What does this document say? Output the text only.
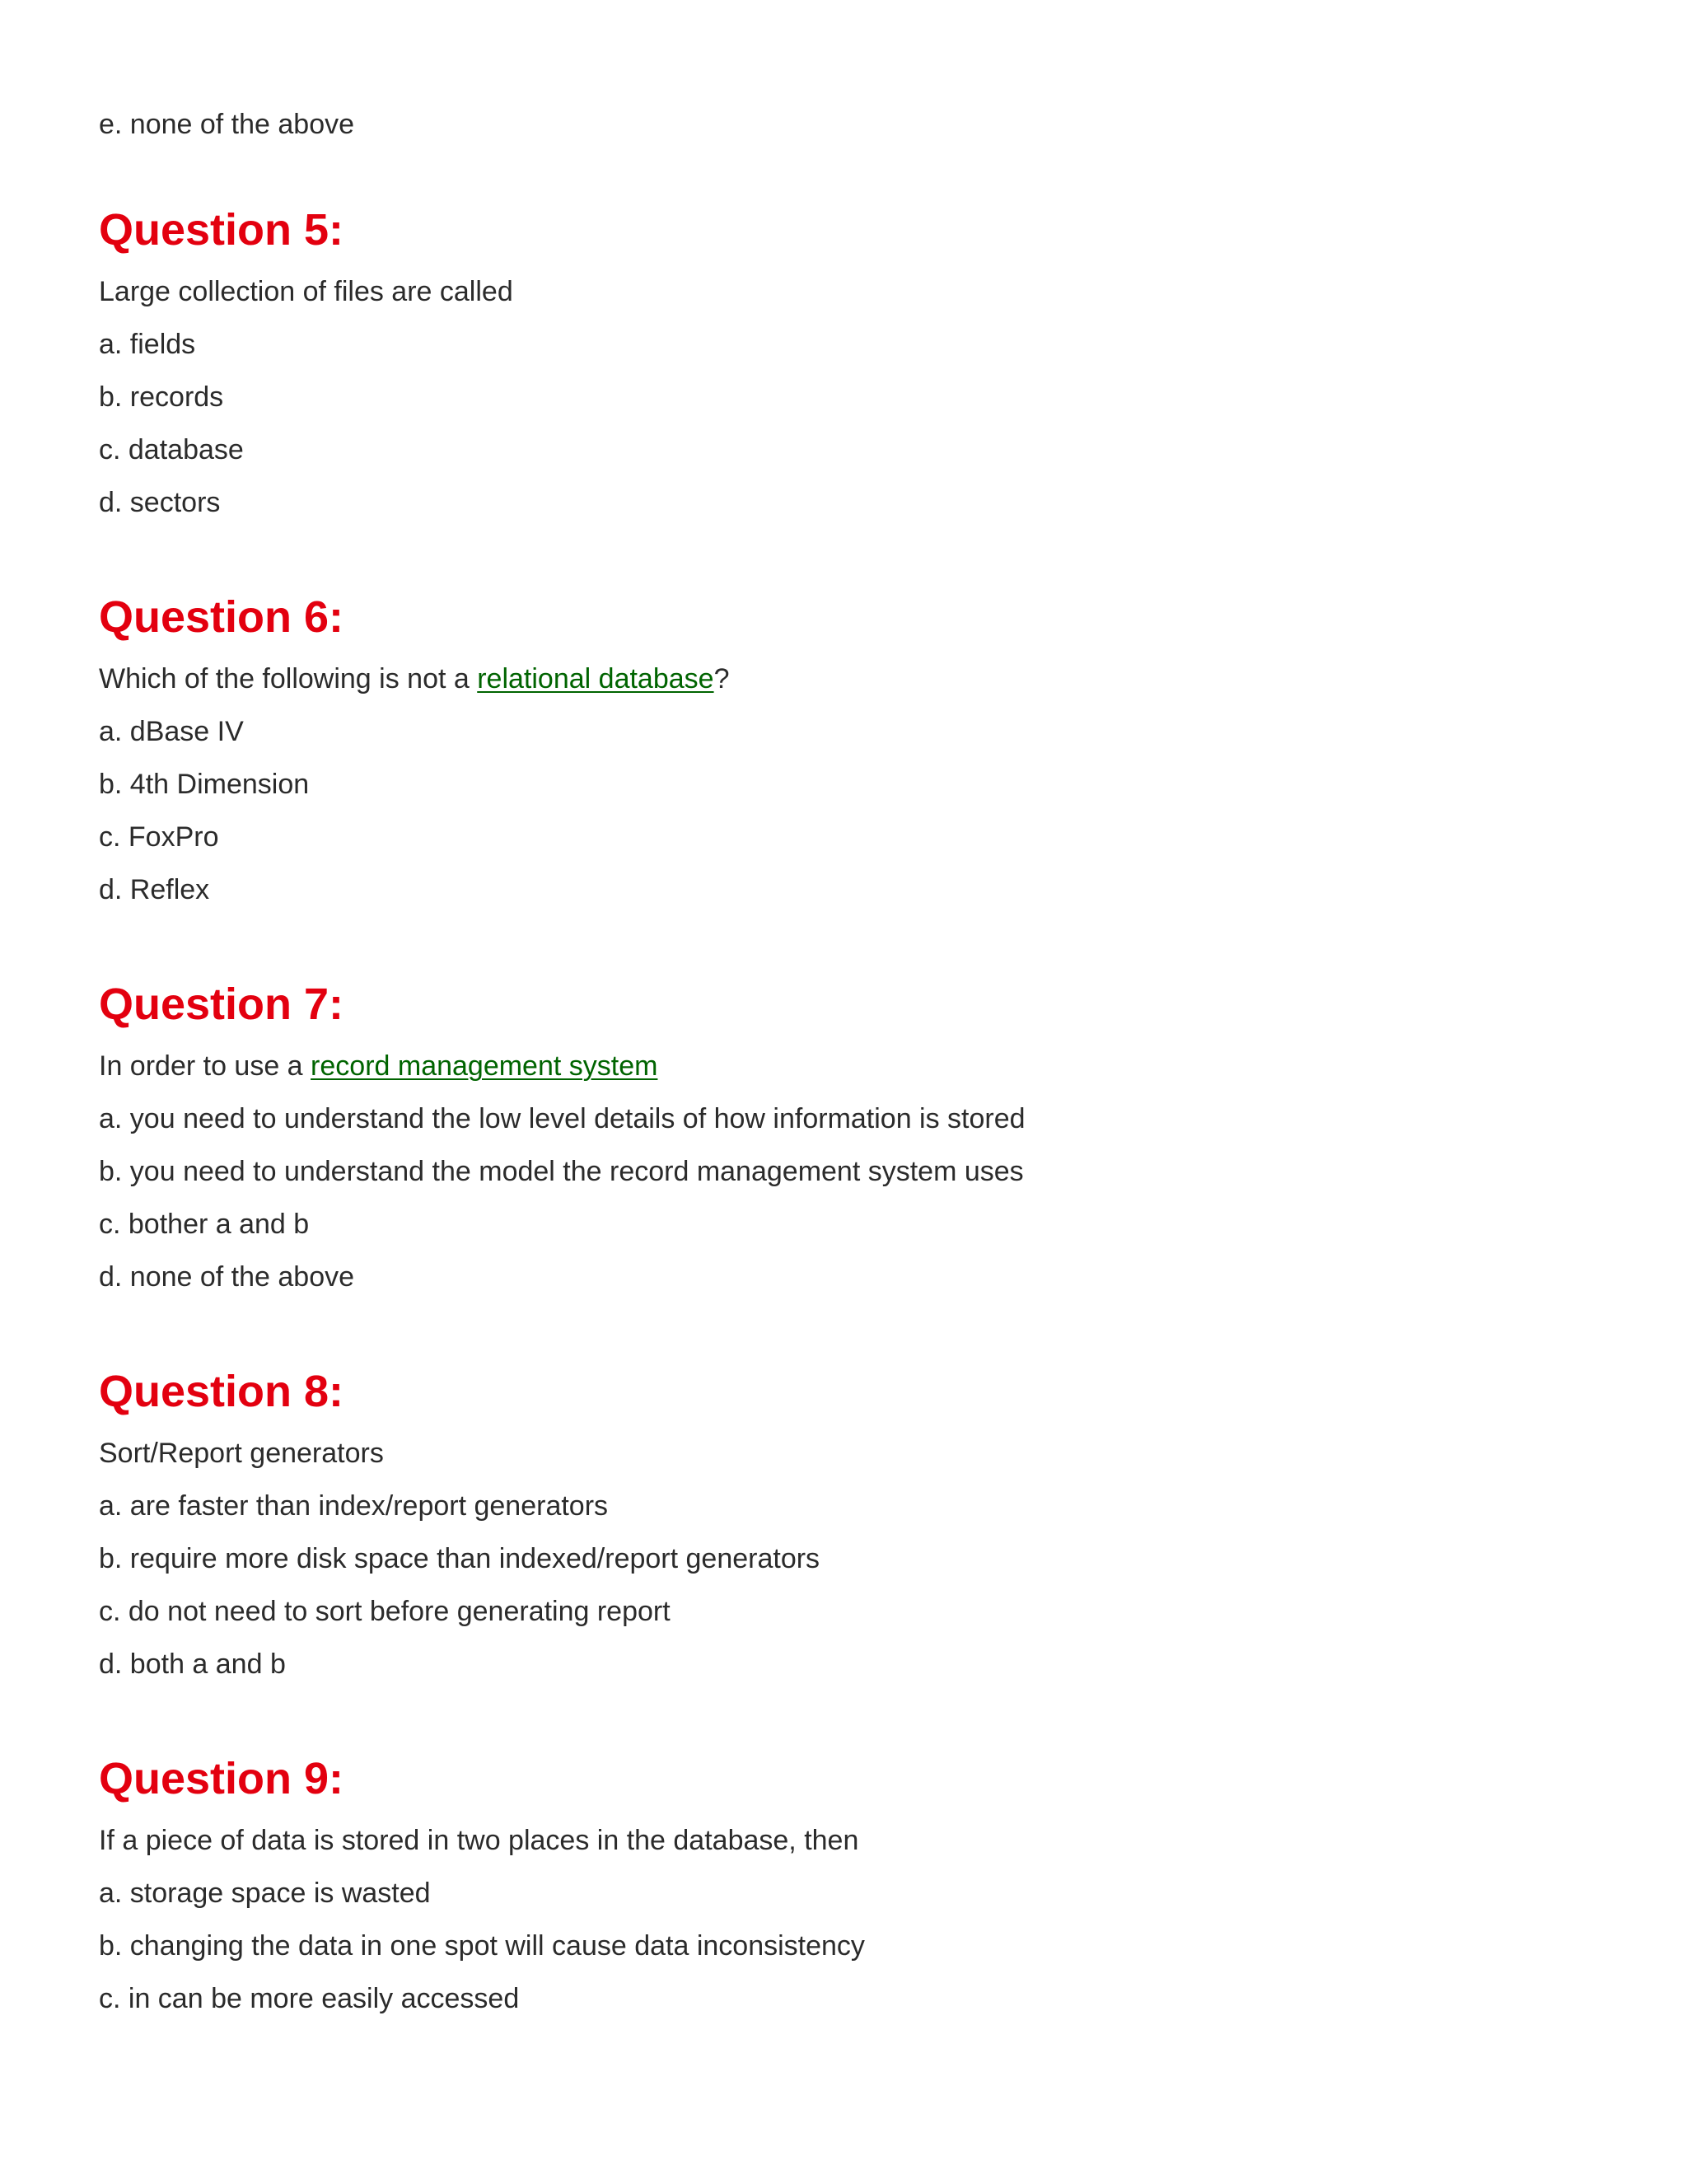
e. none of the above

Question 5:

Large collection of files are called

a. fields

b. records

c. database

d. sectors

Question 6:

Which of the following is not a relational database?

a. dBase IV

b. 4th Dimension

c. FoxPro

d. Reflex

Question 7:

In order to use a record management system

a. you need to understand the low level details of how information is stored

b. you need to understand the model the record management system uses

c. bother a and b

d. none of the above

Question 8:

Sort/Report generators

a. are faster than index/report generators

b. require more disk space than indexed/report generators

c. do not need to sort before generating report

d. both a and b

Question 9:

If a piece of data is stored in two places in the database, then

a. storage space is wasted

b. changing the data in one spot will cause data inconsistency

c. in can be more easily accessed
